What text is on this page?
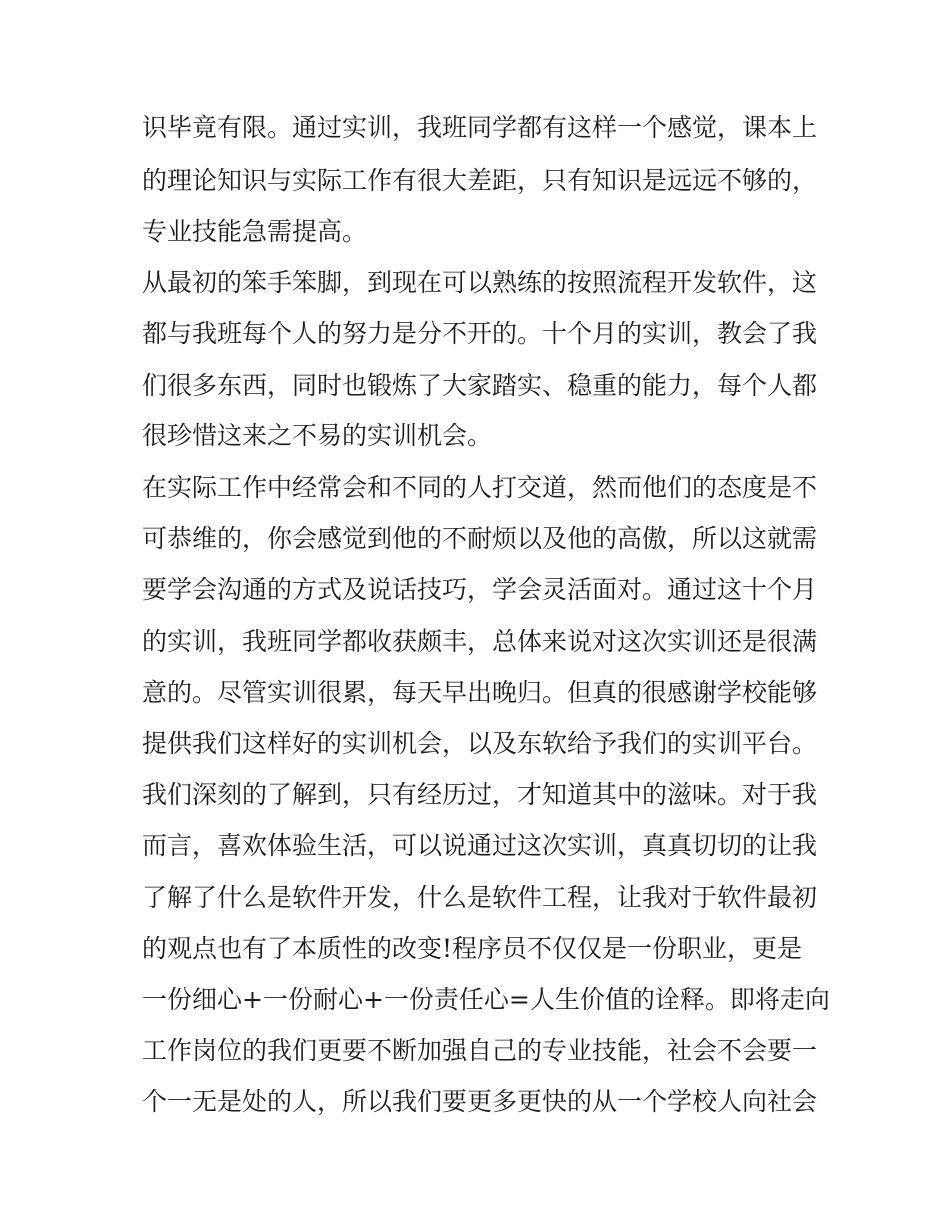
识毕竟有限。通过实训，我班同学都有这样一个感觉，课本上
的理论知识与实际工作有很大差距，只有知识是远远不够的，
专业技能急需提高。
从最初的笨手笨脚，到现在可以熟练的按照流程开发软件，这
都与我班每个人的努力是分不开的。十个月的实训，教会了我
们很多东西，同时也锻炼了大家踏实、稳重的能力，每个人都
很珍惜这来之不易的实训机会。
在实际工作中经常会和不同的人打交道，然而他们的态度是不
可恭维的，你会感觉到他的不耐烦以及他的高傲，所以这就需
要学会沟通的方式及说话技巧，学会灵活面对。通过这十个月
的实训，我班同学都收获颇丰，总体来说对这次实训还是很满
意的。尽管实训很累，每天早出晚归。但真的很感谢学校能够
提供我们这样好的实训机会，以及东软给予我们的实训平台。
我们深刻的了解到，只有经历过，才知道其中的滋味。对于我
而言，喜欢体验生活，可以说通过这次实训，真真切切的让我
了解了什么是软件开发，什么是软件工程，让我对于软件最初
的观点也有了本质性的改变!程序员不仅仅是一份职业，更是
一份细心+一份耐心+一份责任心=人生价值的诠释。即将走向
工作岗位的我们更要不断加强自己的专业技能，社会不会要一
个一无是处的人，所以我们要更多更快的从一个学校人向社会
